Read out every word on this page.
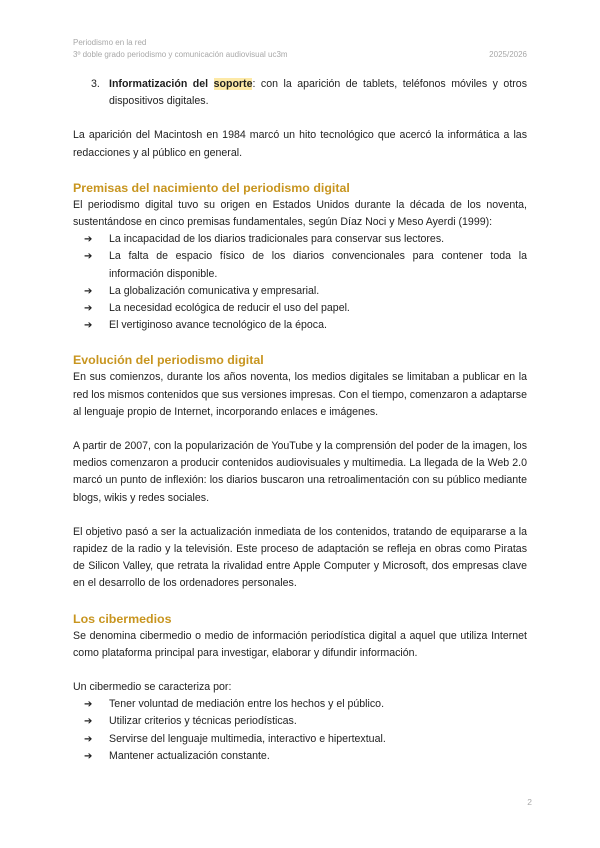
Periodismo en la red
3º doble grado periodismo y comunicación audiovisual uc3m	2025/2026
3. Informatización del soporte: con la aparición de tablets, teléfonos móviles y otros dispositivos digitales.

La aparición del Macintosh en 1984 marcó un hito tecnológico que acercó la informática a las redacciones y al público en general.

Premisas del nacimiento del periodismo digital

El periodismo digital tuvo su origen en Estados Unidos durante la década de los noventa, sustentándose en cinco premisas fundamentales, según Díaz Noci y Meso Ayerdi (1999):

➔	La incapacidad de los diarios tradicionales para conservar sus lectores.
➔	La falta de espacio físico de los diarios convencionales para contener toda la información disponible.
➔	La globalización comunicativa y empresarial.
➔	La necesidad ecológica de reducir el uso del papel.
➔	El vertiginoso avance tecnológico de la época.
Evolución del periodismo digital

En sus comienzos, durante los años noventa, los medios digitales se limitaban a publicar en la red los mismos contenidos que sus versiones impresas. Con el tiempo, comenzaron a adaptarse al lenguaje propio de Internet, incorporando enlaces e imágenes.

A partir de 2007, con la popularización de YouTube y la comprensión del poder de la imagen, los medios comenzaron a producir contenidos audiovisuales y multimedia. La llegada de la Web 2.0 marcó un punto de inflexión: los diarios buscaron una retroalimentación con su público mediante blogs, wikis y redes sociales.

El objetivo pasó a ser la actualización inmediata de los contenidos, tratando de equipararse a la rapidez de la radio y la televisión. Este proceso de adaptación se refleja en obras como Piratas de Silicon Valley, que retrata la rivalidad entre Apple Computer y Microsoft, dos empresas clave en el desarrollo de los ordenadores personales.

Los cibermedios

Se denomina cibermedio o medio de información periodística digital a aquel que utiliza Internet como plataforma principal para investigar, elaborar y difundir información.

Un cibermedio se caracteriza por:

➔	Tener voluntad de mediación entre los hechos y el público.
➔	Utilizar criterios y técnicas periodísticas.
➔	Servirse del lenguaje multimedia, interactivo e hipertextual.
➔	Mantener actualización constante.
2
